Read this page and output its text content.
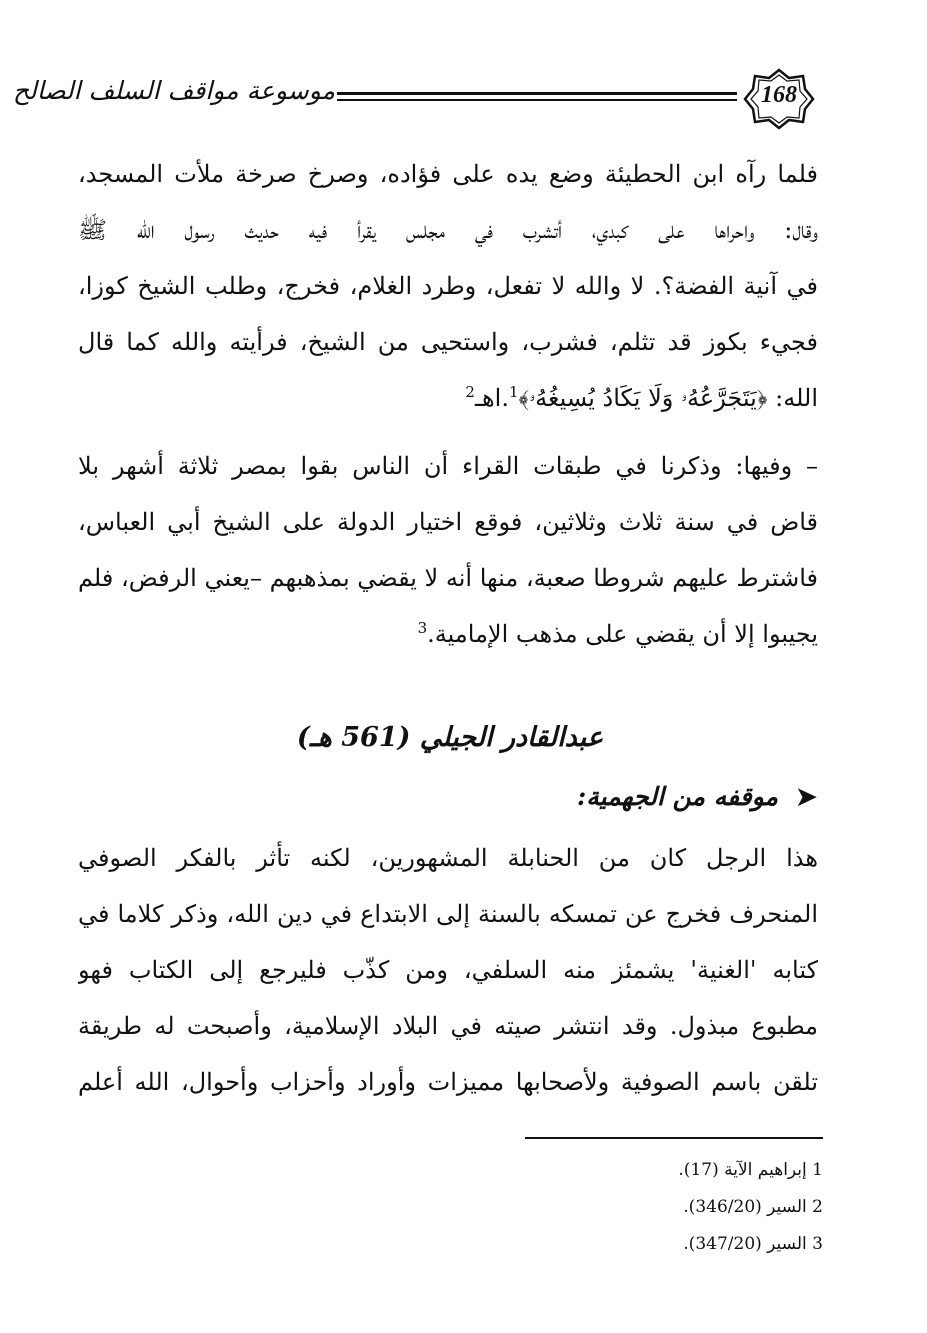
موسوعة مواقف السلف الصالح	168
فلما رآه ابن الحطيئة وضع يده على فؤاده، وصرخ صرخة ملأت المسجد،
وقال: واحراها على كبدي، أتشرب في مجلس يقرأ فيه حديث رسول الله ﷺ
في آنية الفضة؟. لا والله لا تفعل، وطرد الغلام، فخرج، وطلب الشيخ كوزا،
فجيء بكوز قد تثلم، فشرب، واستحيى من الشيخ، فرأيته والله كما قال
الله: ﴿يَتَجَرَّعُهُۥ وَلَا يَكَادُ يُسِيغُهُۥ﴾$^1$.اهـ$^2$
– وفيها: وذكرنا في طبقات القراء أن الناس بقوا بمصر ثلاثة أشهر بلا
قاض في سنة ثلاث وثلاثين، فوقع اختيار الدولة على الشيخ أبي العباس،
فاشترط عليهم شروطا صعبة، منها أنه لا يقضي بمذهبهم –يعني الرفض، فلم
يجيبوا إلا أن يقضي على مذهب الإمامية.$^3$
عبدالقادر الجيلي (561 هـ)
➤موقفه من الجهمية:
هذا الرجل كان من الحنابلة المشهورين، لكنه تأثر بالفكر الصوفي
المنحرف فخرج عن تمسكه بالسنة إلى الابتداع في دين الله، وذكر كلاما في
كتابه 'الغنية' يشمئز منه السلفي، ومن كذّب فليرجع إلى الكتاب فهو
مطبوع مبذول. وقد انتشر صيته في البلاد الإسلامية، وأصبحت له طريقة
تلقن باسم الصوفية ولأصحابها مميزات وأوراد وأحزاب وأحوال، الله أعلم
1 إبراهيم الآية (17).
2 السير (346/20).
3 السير (347/20).
